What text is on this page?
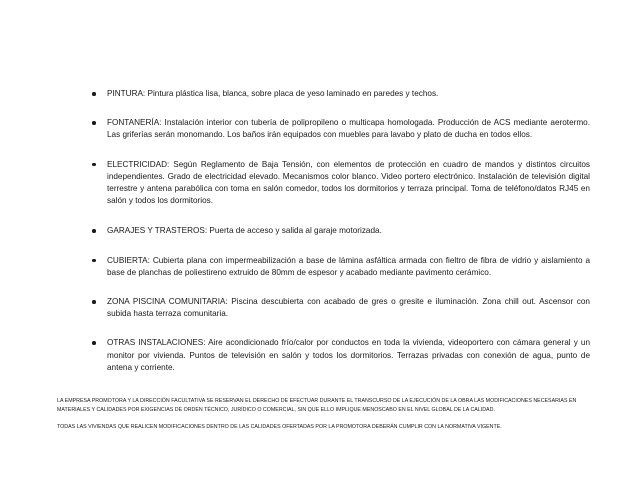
PINTURA: Pintura plástica lisa, blanca, sobre placa de yeso laminado en paredes y techos.
FONTANERÍA: Instalación interior con tubería de polipropileno o multicapa homologada. Producción de ACS mediante aerotermo. Las griferías serán monomando. Los baños irán equipados con muebles para lavabo y plato de ducha en todos ellos.
ELECTRICIDAD: Según Reglamento de Baja Tensión, con elementos de protección en cuadro de mandos y distintos circuitos independientes. Grado de electricidad elevado. Mecanismos color blanco. Video portero electrónico. Instalación de televisión digital terrestre y antena parabólica con toma en salón comedor, todos los dormitorios y terraza principal. Toma de teléfono/datos RJ45 en salón y todos los dormitorios.
GARAJES Y TRASTEROS: Puerta de acceso y salida al garaje motorizada.
CUBIERTA: Cubierta plana con impermeabilización a base de lámina asfáltica armada con fieltro de fibra de vidrio y aislamiento a base de planchas de poliestireno extruido de 80mm de espesor y acabado mediante pavimento cerámico.
ZONA PISCINA COMUNITARIA: Piscina descubierta con acabado de gres o gresite e iluminación. Zona chill out. Ascensor con subida hasta terraza comunitaria.
OTRAS INSTALACIONES: Aire acondicionado frío/calor por conductos en toda la vivienda, videoportero con cámara general y un monitor por vivienda. Puntos de televisión en salón y todos los dormitorios. Terrazas privadas con conexión de agua, punto de antena y corriente.

LA EMPRESA PROMOTORA Y LA DIRECCIÓN FACULTATIVA SE RESERVAN EL DERECHO DE EFECTUAR DURANTE EL TRANSCURSO DE LA EJECUCIÓN DE LA OBRA LAS MODIFICACIONES NECESARIAS EN MATERIALES Y CALIDADES POR EXIGENCIAS DE ORDEN TÉCNICO, JURÍDICO O COMERCIAL, SIN QUE ELLO IMPLIQUE MENOSCABO EN EL NIVEL GLOBAL DE LA CALIDAD.

TODAS LAS VIVIENDAS QUE REALICEN MODIFICACIONES DENTRO DE LAS CALIDADES OFERTADAS POR LA PROMOTORA DEBERÁN CUMPLIR CON LA NORMATIVA VIGENTE.
